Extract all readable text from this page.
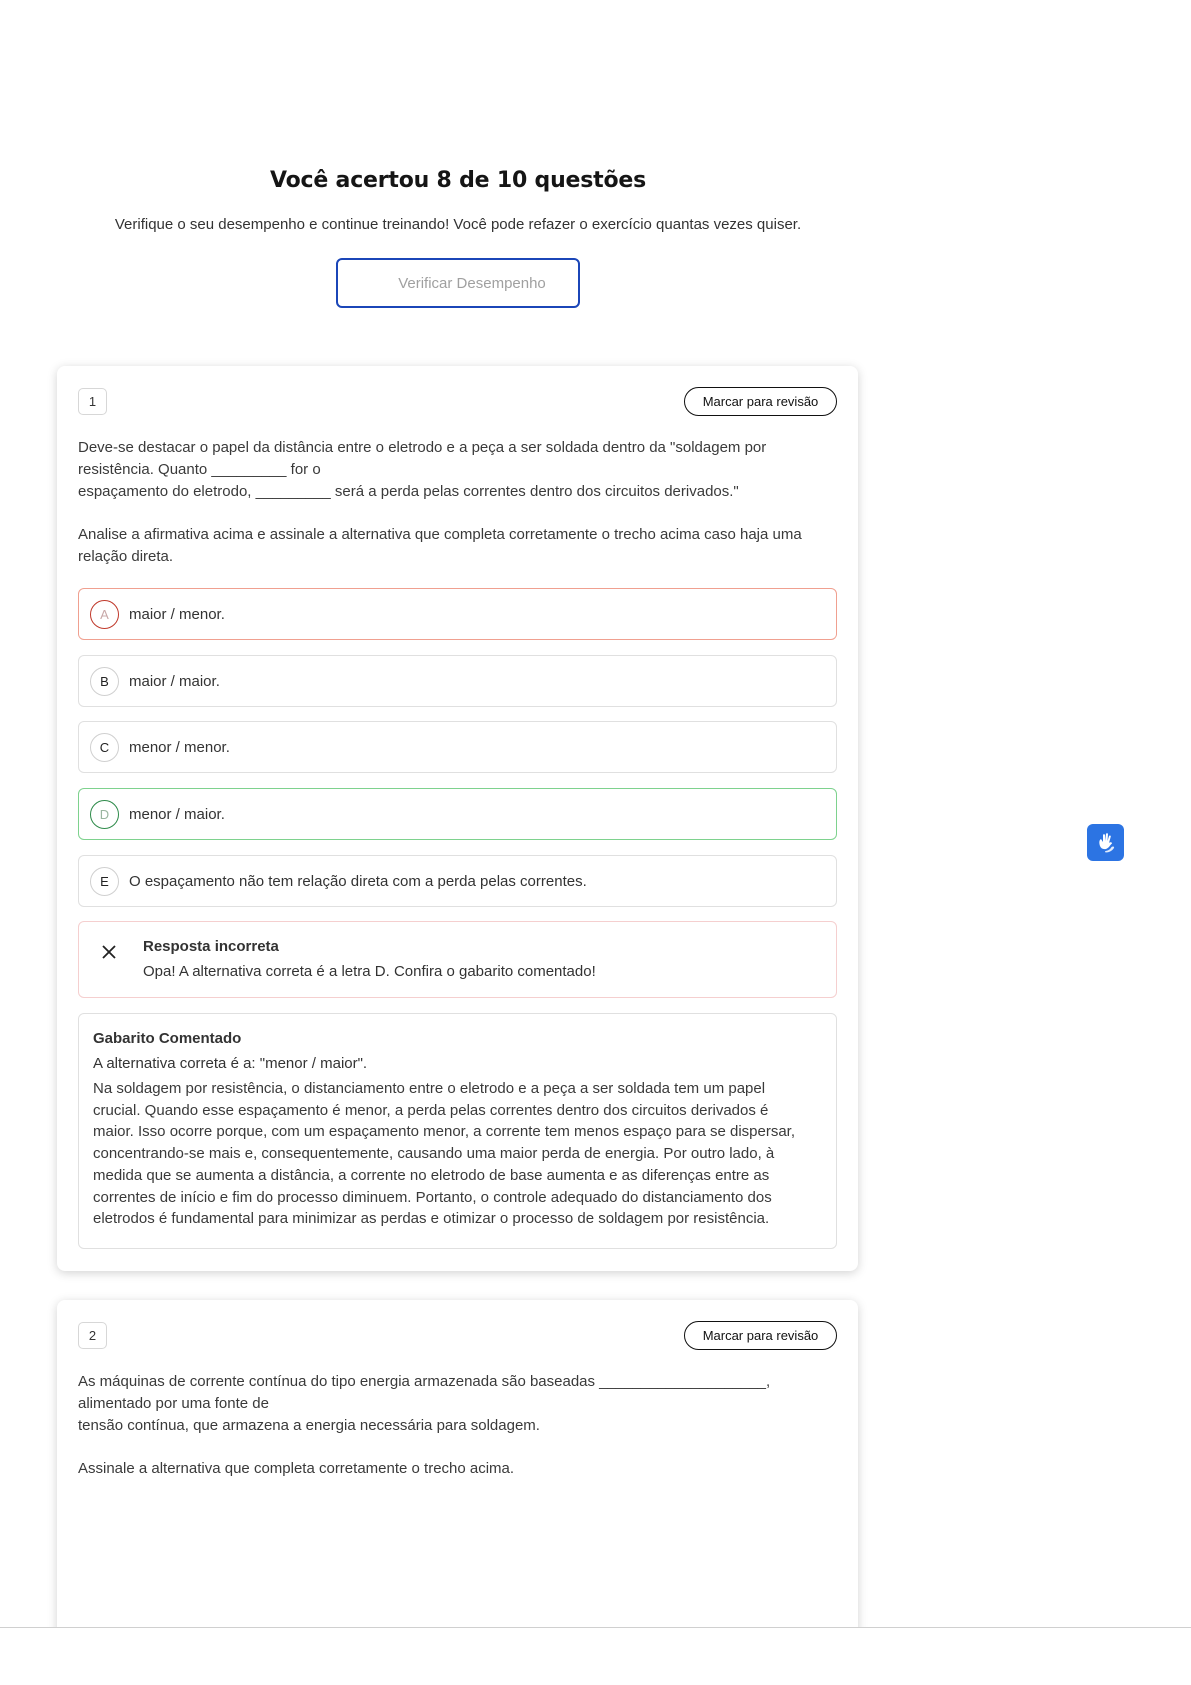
Você acertou 8 de 10 questões
Verifique o seu desempenho e continue treinando! Você pode refazer o exercício quantas vezes quiser.
Verificar Desempenho
1	Marcar para revisão

Deve-se destacar o papel da distância entre o eletrodo e a peça a ser soldada dentro da "soldagem por

resistência. Quanto _________ for o

espaçamento do eletrodo, _________ será a perda pelas correntes dentro dos circuitos derivados."

Analise a afirmativa acima e assinale a alternativa que completa corretamente o trecho acima caso haja uma

relação direta.

A	maior / menor.
B	maior / maior.
C	menor / menor.
D	menor / maior.
E	O espaçamento não tem relação direta com a perda pelas correntes.
Resposta incorreta
Opa! A alternativa correta é a letra D. Confira o gabarito comentado!
Gabarito Comentado
A alternativa correta é a: "menor / maior".
Na soldagem por resistência, o distanciamento entre o eletrodo e a peça a ser soldada tem um papel
crucial. Quando esse espaçamento é menor, a perda pelas correntes dentro dos circuitos derivados é
maior. Isso ocorre porque, com um espaçamento menor, a corrente tem menos espaço para se dispersar,
concentrando-se mais e, consequentemente, causando uma maior perda de energia. Por outro lado, à
medida que se aumenta a distância, a corrente no eletrodo de base aumenta e as diferenças entre as
correntes de início e fim do processo diminuem. Portanto, o controle adequado do distanciamento dos
eletrodos é fundamental para minimizar as perdas e otimizar o processo de soldagem por resistência.
2	Marcar para revisão

As máquinas de corrente contínua do tipo energia armazenada são baseadas ____________________,

alimentado por uma fonte de

tensão contínua, que armazena a energia necessária para soldagem.

Assinale a alternativa que completa corretamente o trecho acima.
